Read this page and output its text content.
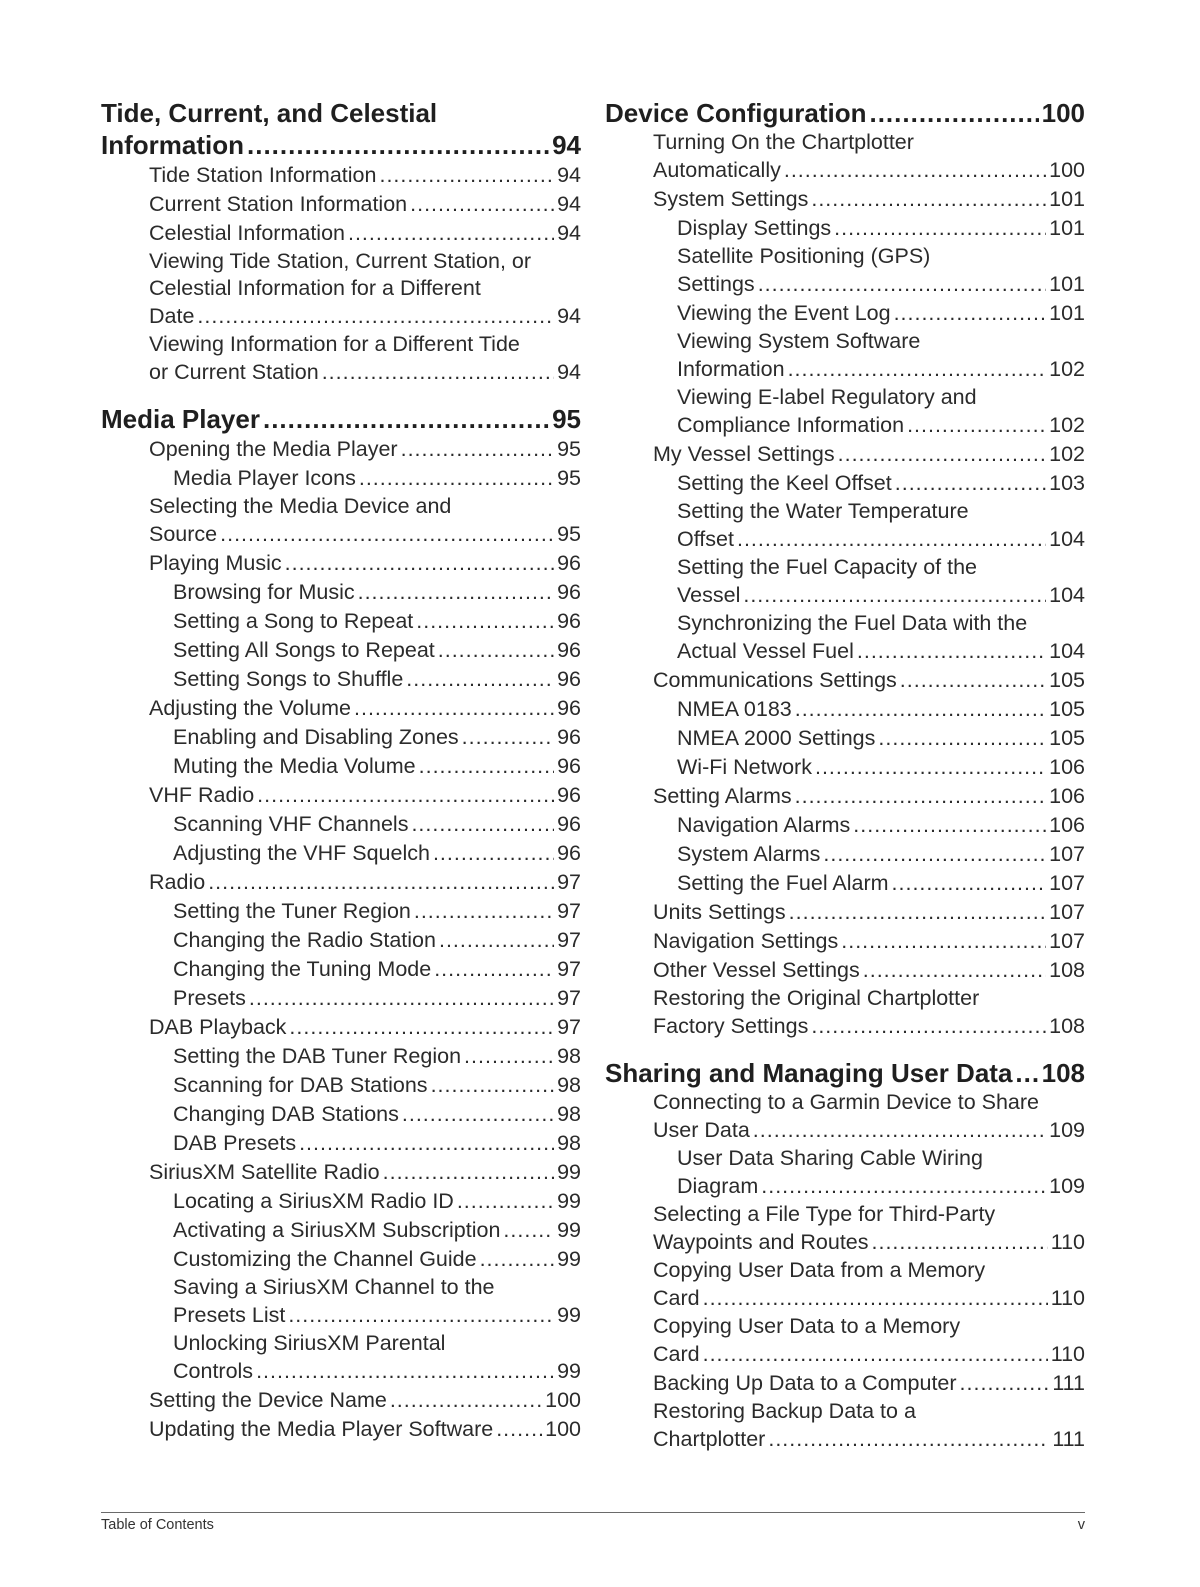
Tide, Current, and Celestial
Information .....	94
Tide Station Information .....	94
Current Station Information .....	94
Celestial Information .....	94
Viewing Tide Station, Current Station, or
Celestial Information for a Different
Date .....	94
Viewing Information for a Different Tide
or Current Station .....	94
Media Player .....	95
Opening the Media Player .....	95
Media Player Icons .....	95
Selecting the Media Device and
Source .....	95
Playing Music .....	96
Browsing for Music .....	96
Setting a Song to Repeat .....	96
Setting All Songs to Repeat .....	96
Setting Songs to Shuffle .....	96
Adjusting the Volume .....	96
Enabling and Disabling Zones .....	96
Muting the Media Volume .....	96
VHF Radio .....	96
Scanning VHF Channels .....	96
Adjusting the VHF Squelch .....	96
Radio .....	97
Setting the Tuner Region .....	97
Changing the Radio Station .....	97
Changing the Tuning Mode .....	97
Presets .....	97
DAB Playback .....	97
Setting the DAB Tuner Region .....	98
Scanning for DAB Stations .....	98
Changing DAB Stations .....	98
DAB Presets .....	98
SiriusXM Satellite Radio .....	99
Locating a SiriusXM Radio ID .....	99
Activating a SiriusXM Subscription .....	99
Customizing the Channel Guide .....	99
Saving a SiriusXM Channel to the
Presets List .....	99
Unlocking SiriusXM Parental
Controls .....	99
Setting the Device Name .....	100
Updating the Media Player Software ..... 100
Device Configuration .....	100
Turning On the Chartplotter
Automatically .....	100
System Settings .....	101
Display Settings .....	101
Satellite Positioning (GPS)
Settings .....	101
Viewing the Event Log .....	101
Viewing System Software
Information .....	102
Viewing E-label Regulatory and
Compliance Information .....	102
My Vessel Settings .....	102
Setting the Keel Offset .....	103
Setting the Water Temperature
Offset .....	104
Setting the Fuel Capacity of the
Vessel .....	104
Synchronizing the Fuel Data with the
Actual Vessel Fuel .....	104
Communications Settings .....	105
NMEA 0183 .....	105
NMEA 2000 Settings .....	105
Wi-Fi Network .....	106
Setting Alarms .....	106
Navigation Alarms .....	106
System Alarms .....	107
Setting the Fuel Alarm .....	107
Units Settings .....	107
Navigation Settings .....	107
Other Vessel Settings .....	108
Restoring the Original Chartplotter
Factory Settings .....	108
Sharing and Managing User Data ..... 108
Connecting to a Garmin Device to Share
User Data .....	109
User Data Sharing Cable Wiring
Diagram .....	109
Selecting a File Type for Third-Party
Waypoints and Routes .....	110
Copying User Data from a Memory
Card .....	110
Copying User Data to a Memory
Card .....	110
Backing Up Data to a Computer .....	111
Restoring Backup Data to a
Chartplotter .....	111
Table of Contents	v
